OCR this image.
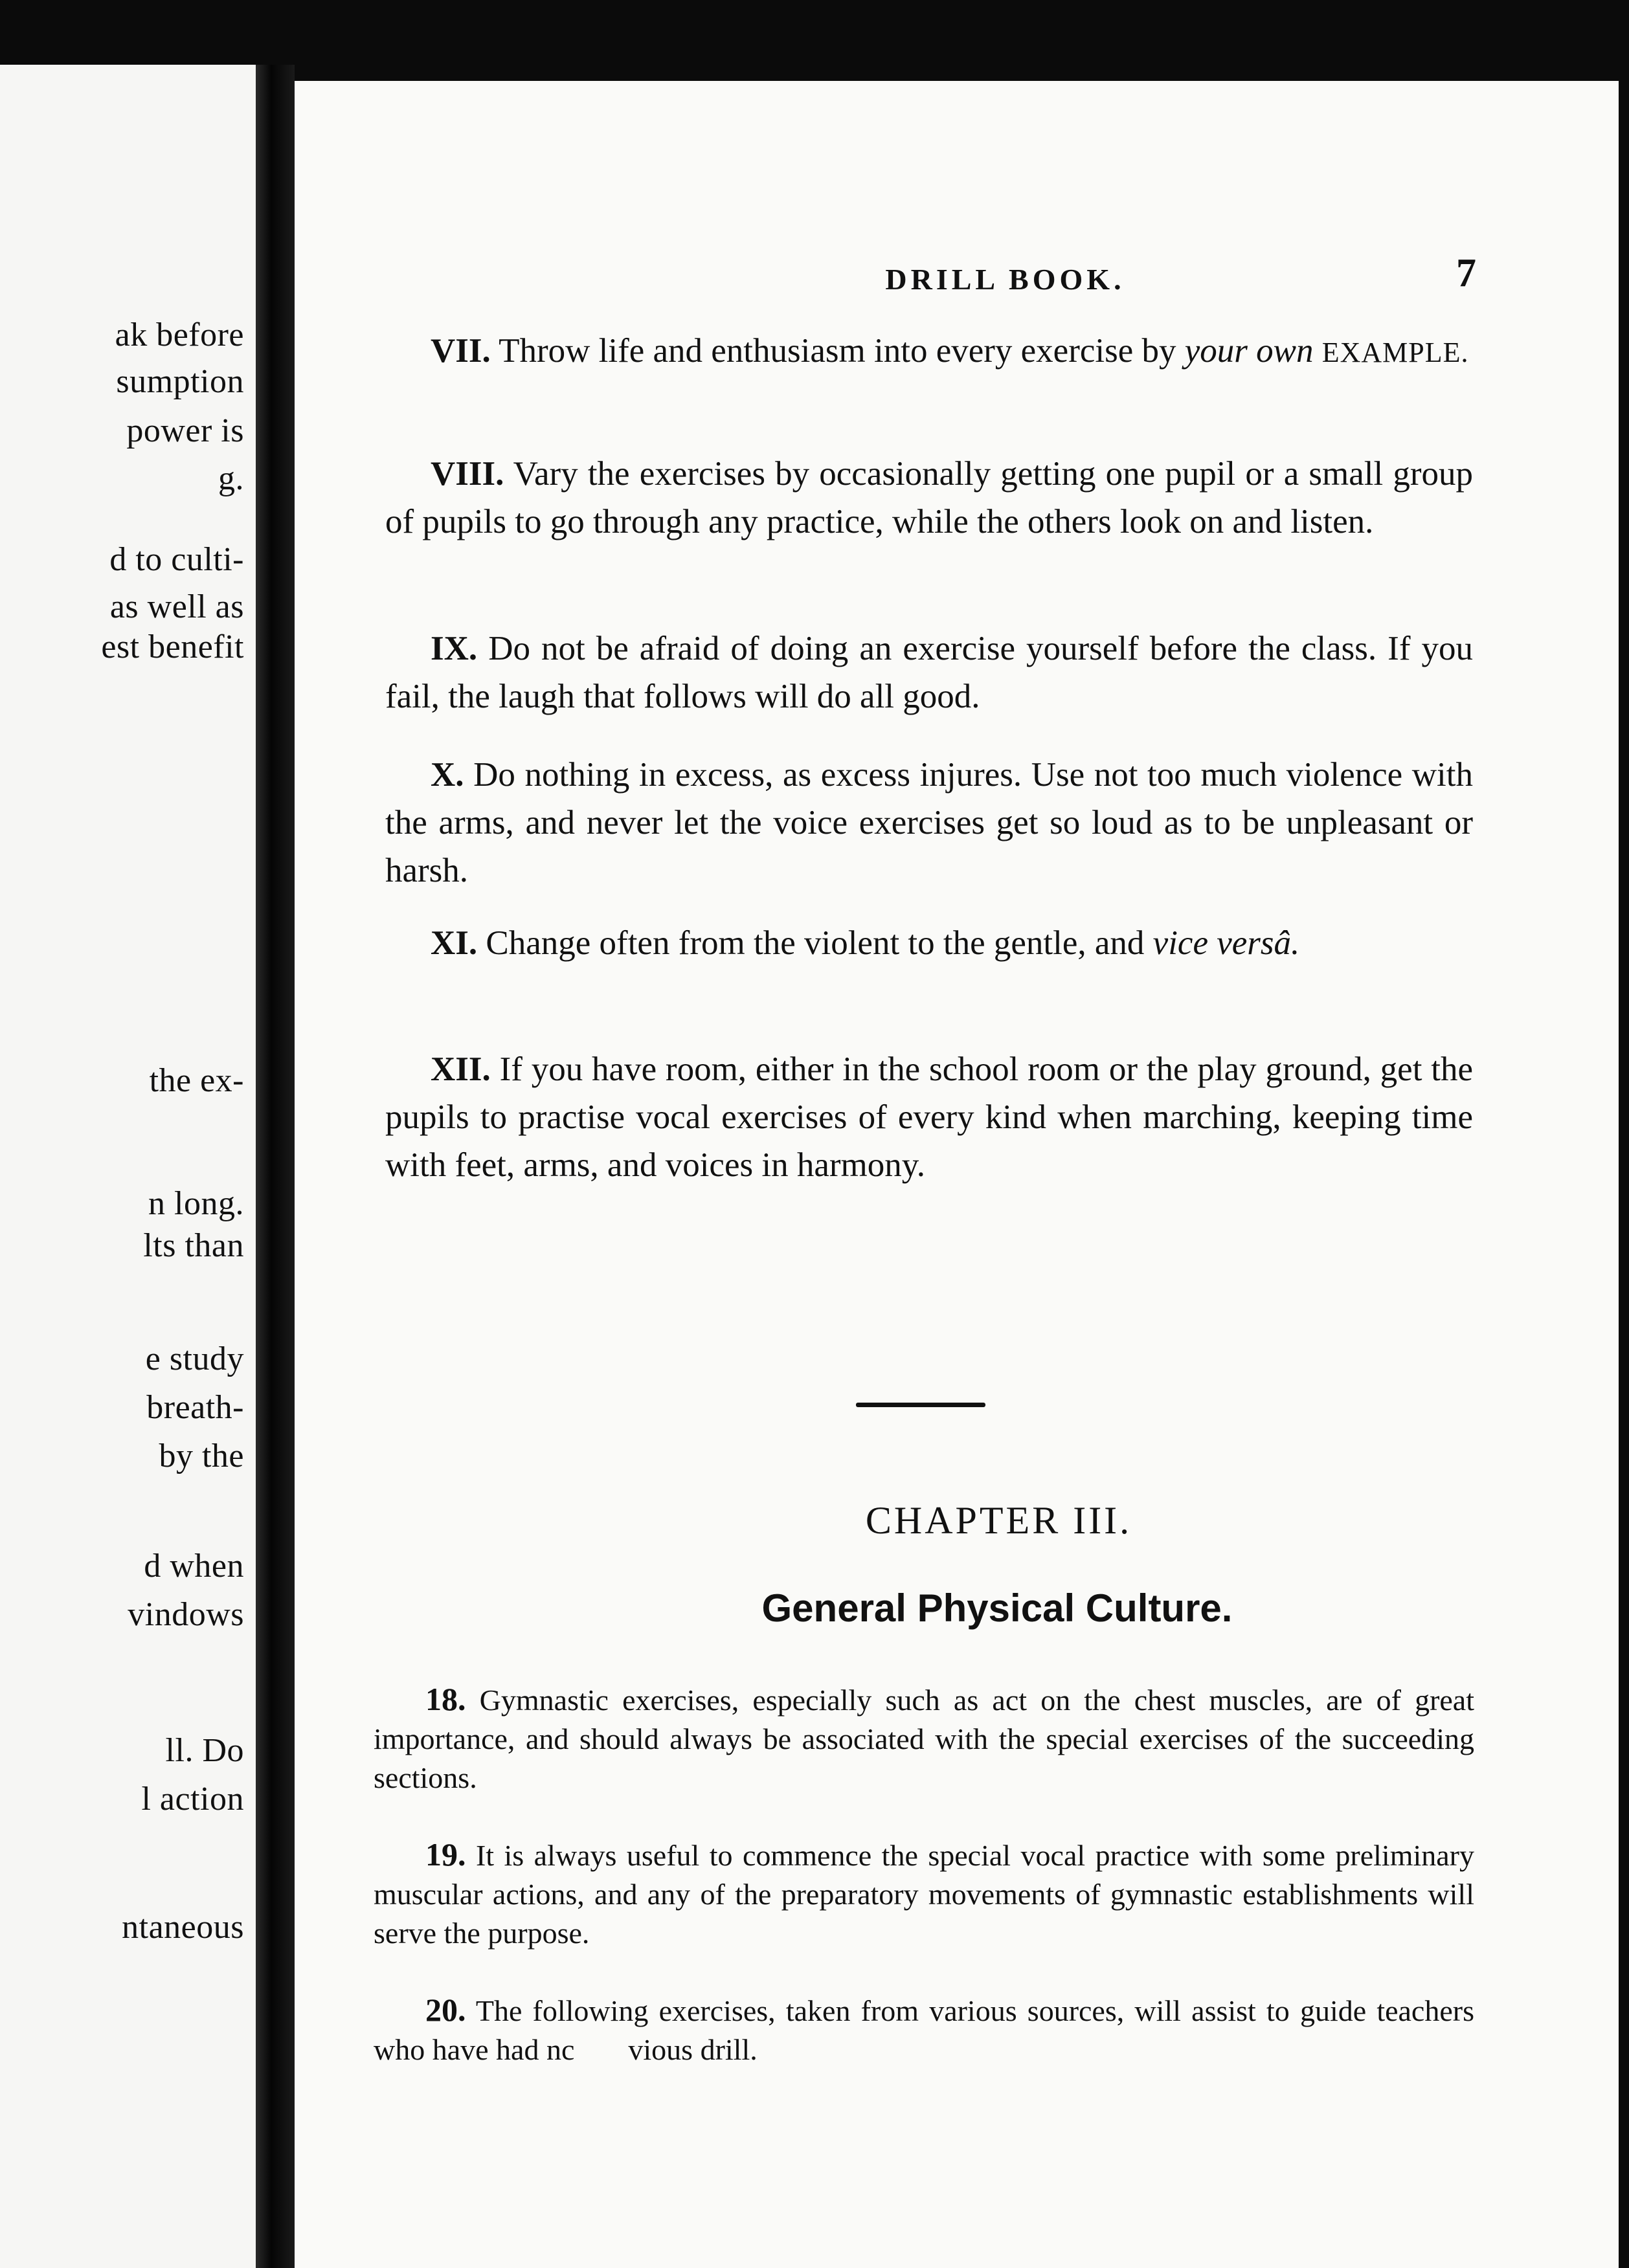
ak before
sumption
power is
g.
d to culti-
as well as
est benefit
the ex-
n long.
lts than
e study
breath-
by the
d when
vindows
ll. Do
l action
ntaneous
DRILL BOOK.	7

VII. Throw life and enthusiasm into every exercise by your own EXAMPLE.

VIII. Vary the exercises by occasionally getting one pupil or a small group of pupils to go through any practice, while the others look on and listen.

IX. Do not be afraid of doing an exercise yourself before the class. If you fail, the laugh that follows will do all good.

X. Do nothing in excess, as excess injures. Use not too much violence with the arms, and never let the voice exercises get so loud as to be unpleasant or harsh.

XI. Change often from the violent to the gentle, and vice versâ.

XII. If you have room, either in the school room or the play ground, get the pupils to practise vocal exercises of every kind when marching, keeping time with feet, arms, and voices in harmony.

CHAPTER III.
General Physical Culture.

18. Gymnastic exercises, especially such as act on the chest muscles, are of great importance, and should always be associated with the special exercises of the succeeding sections.

19. It is always useful to commence the special vocal practice with some preliminary muscular actions, and any of the preparatory movements of gymnastic establishments will serve the purpose.

20. The following exercises, taken from various sources, will assist to guide teachers who have had nc vious drill.
